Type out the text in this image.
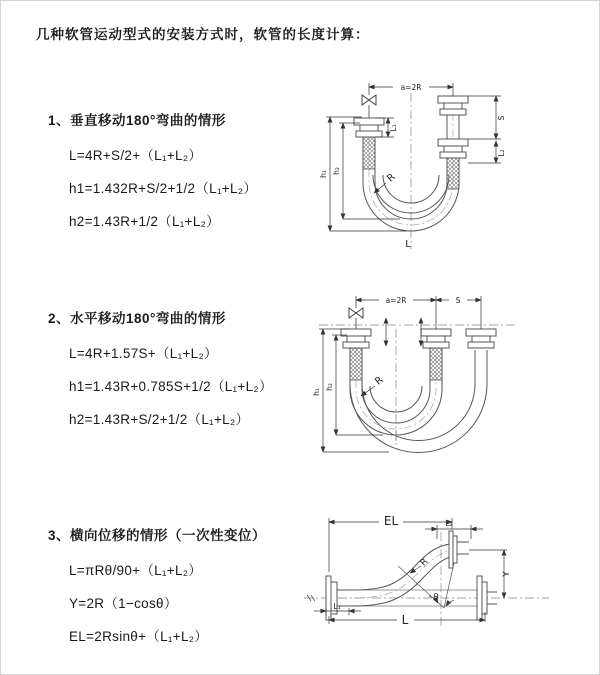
几种软管运动型式的安装方式时，软管的长度计算：
1、垂直移动180°弯曲的情形
L=4R+S/2+（L₁+L₂）
h1=1.432R+S/2+1/2（L₁+L₂）
h2=1.43R+1/2（L₁+L₂）
2、水平移动180°弯曲的情形
L=4R+1.57S+（L₁+L₂）
h1=1.43R+0.785S+1/2（L₁+L₂）
h2=1.43R+S/2+1/2（L₁+L₂）
3、横向位移的情形（一次性变位）
L=πRθ/90+（L₁+L₂）
Y=2R（1−cosθ）
EL=2Rsinθ+（L₁+L₂）
a=2R
h₁ h₂
L₁
S
L₂
R
L
a=2R	S
h₁
h₂	R
EL	L₂
Y
R
θ
L
L₁
